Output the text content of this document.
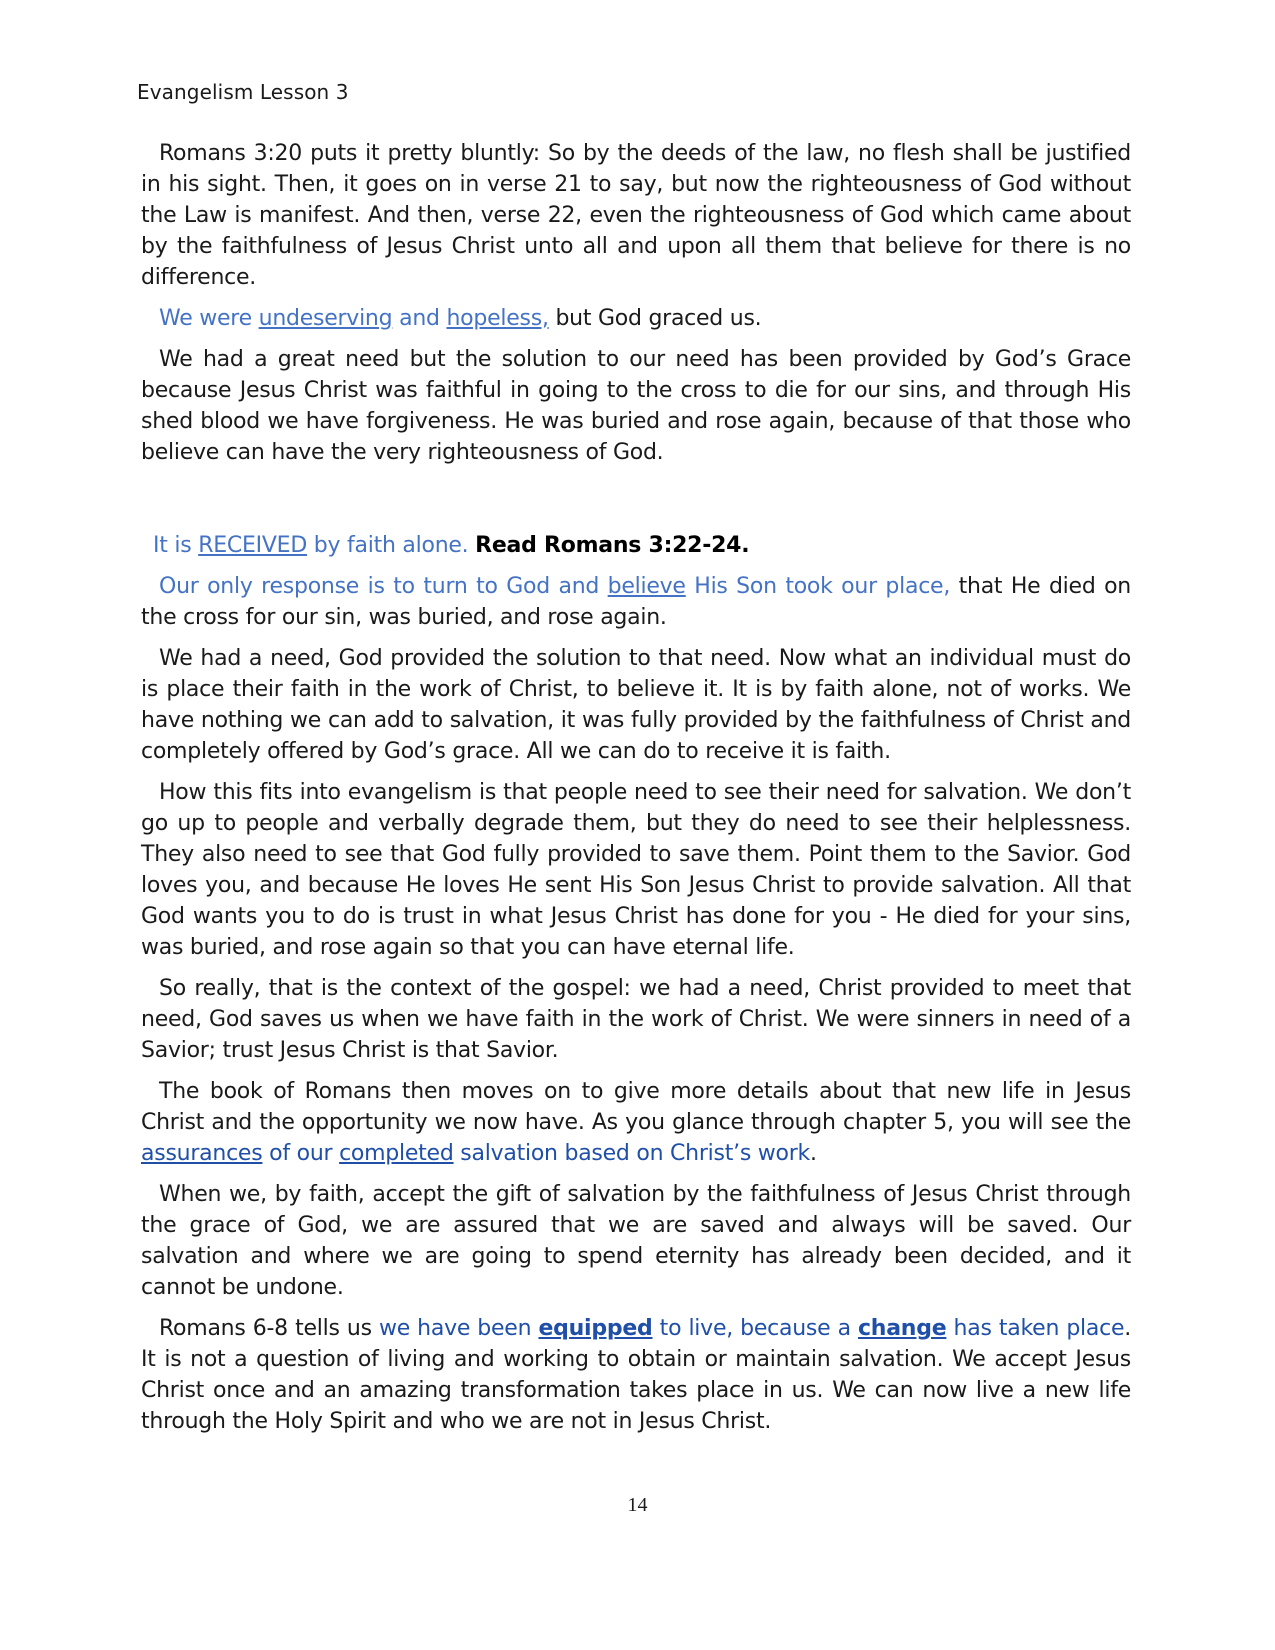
Evangelism Lesson 3

Romans 3:20 puts it pretty bluntly: So by the deeds of the law, no flesh shall be justified in his sight. Then, it goes on in verse 21 to say, but now the righteousness of God without the Law is manifest. And then, verse 22, even the righteousness of God which came about by the faithfulness of Jesus Christ unto all and upon all them that believe for there is no difference.

We were undeserving and hopeless, but God graced us.

We had a great need but the solution to our need has been provided by God’s Grace because Jesus Christ was faithful in going to the cross to die for our sins, and through His shed blood we have forgiveness. He was buried and rose again, because of that those who believe can have the very righteousness of God.

It is RECEIVED by faith alone. Read Romans 3:22-24.

Our only response is to turn to God and believe His Son took our place, that He died on the cross for our sin, was buried, and rose again.

We had a need, God provided the solution to that need. Now what an individual must do is place their faith in the work of Christ, to believe it. It is by faith alone, not of works. We have nothing we can add to salvation, it was fully provided by the faithfulness of Christ and completely offered by God’s grace. All we can do to receive it is faith.

How this fits into evangelism is that people need to see their need for salvation. We don’t go up to people and verbally degrade them, but they do need to see their helplessness. They also need to see that God fully provided to save them. Point them to the Savior. God loves you, and because He loves He sent His Son Jesus Christ to provide salvation. All that God wants you to do is trust in what Jesus Christ has done for you - He died for your sins, was buried, and rose again so that you can have eternal life.

So really, that is the context of the gospel: we had a need, Christ provided to meet that need, God saves us when we have faith in the work of Christ. We were sinners in need of a Savior; trust Jesus Christ is that Savior.

The book of Romans then moves on to give more details about that new life in Jesus Christ and the opportunity we now have. As you glance through chapter 5, you will see the assurances of our completed salvation based on Christ’s work.

When we, by faith, accept the gift of salvation by the faithfulness of Jesus Christ through the grace of God, we are assured that we are saved and always will be saved. Our salvation and where we are going to spend eternity has already been decided, and it cannot be undone.

Romans 6-8 tells us we have been equipped to live, because a change has taken place. It is not a question of living and working to obtain or maintain salvation. We accept Jesus Christ once and an amazing transformation takes place in us. We can now live a new life through the Holy Spirit and who we are not in Jesus Christ.

14
